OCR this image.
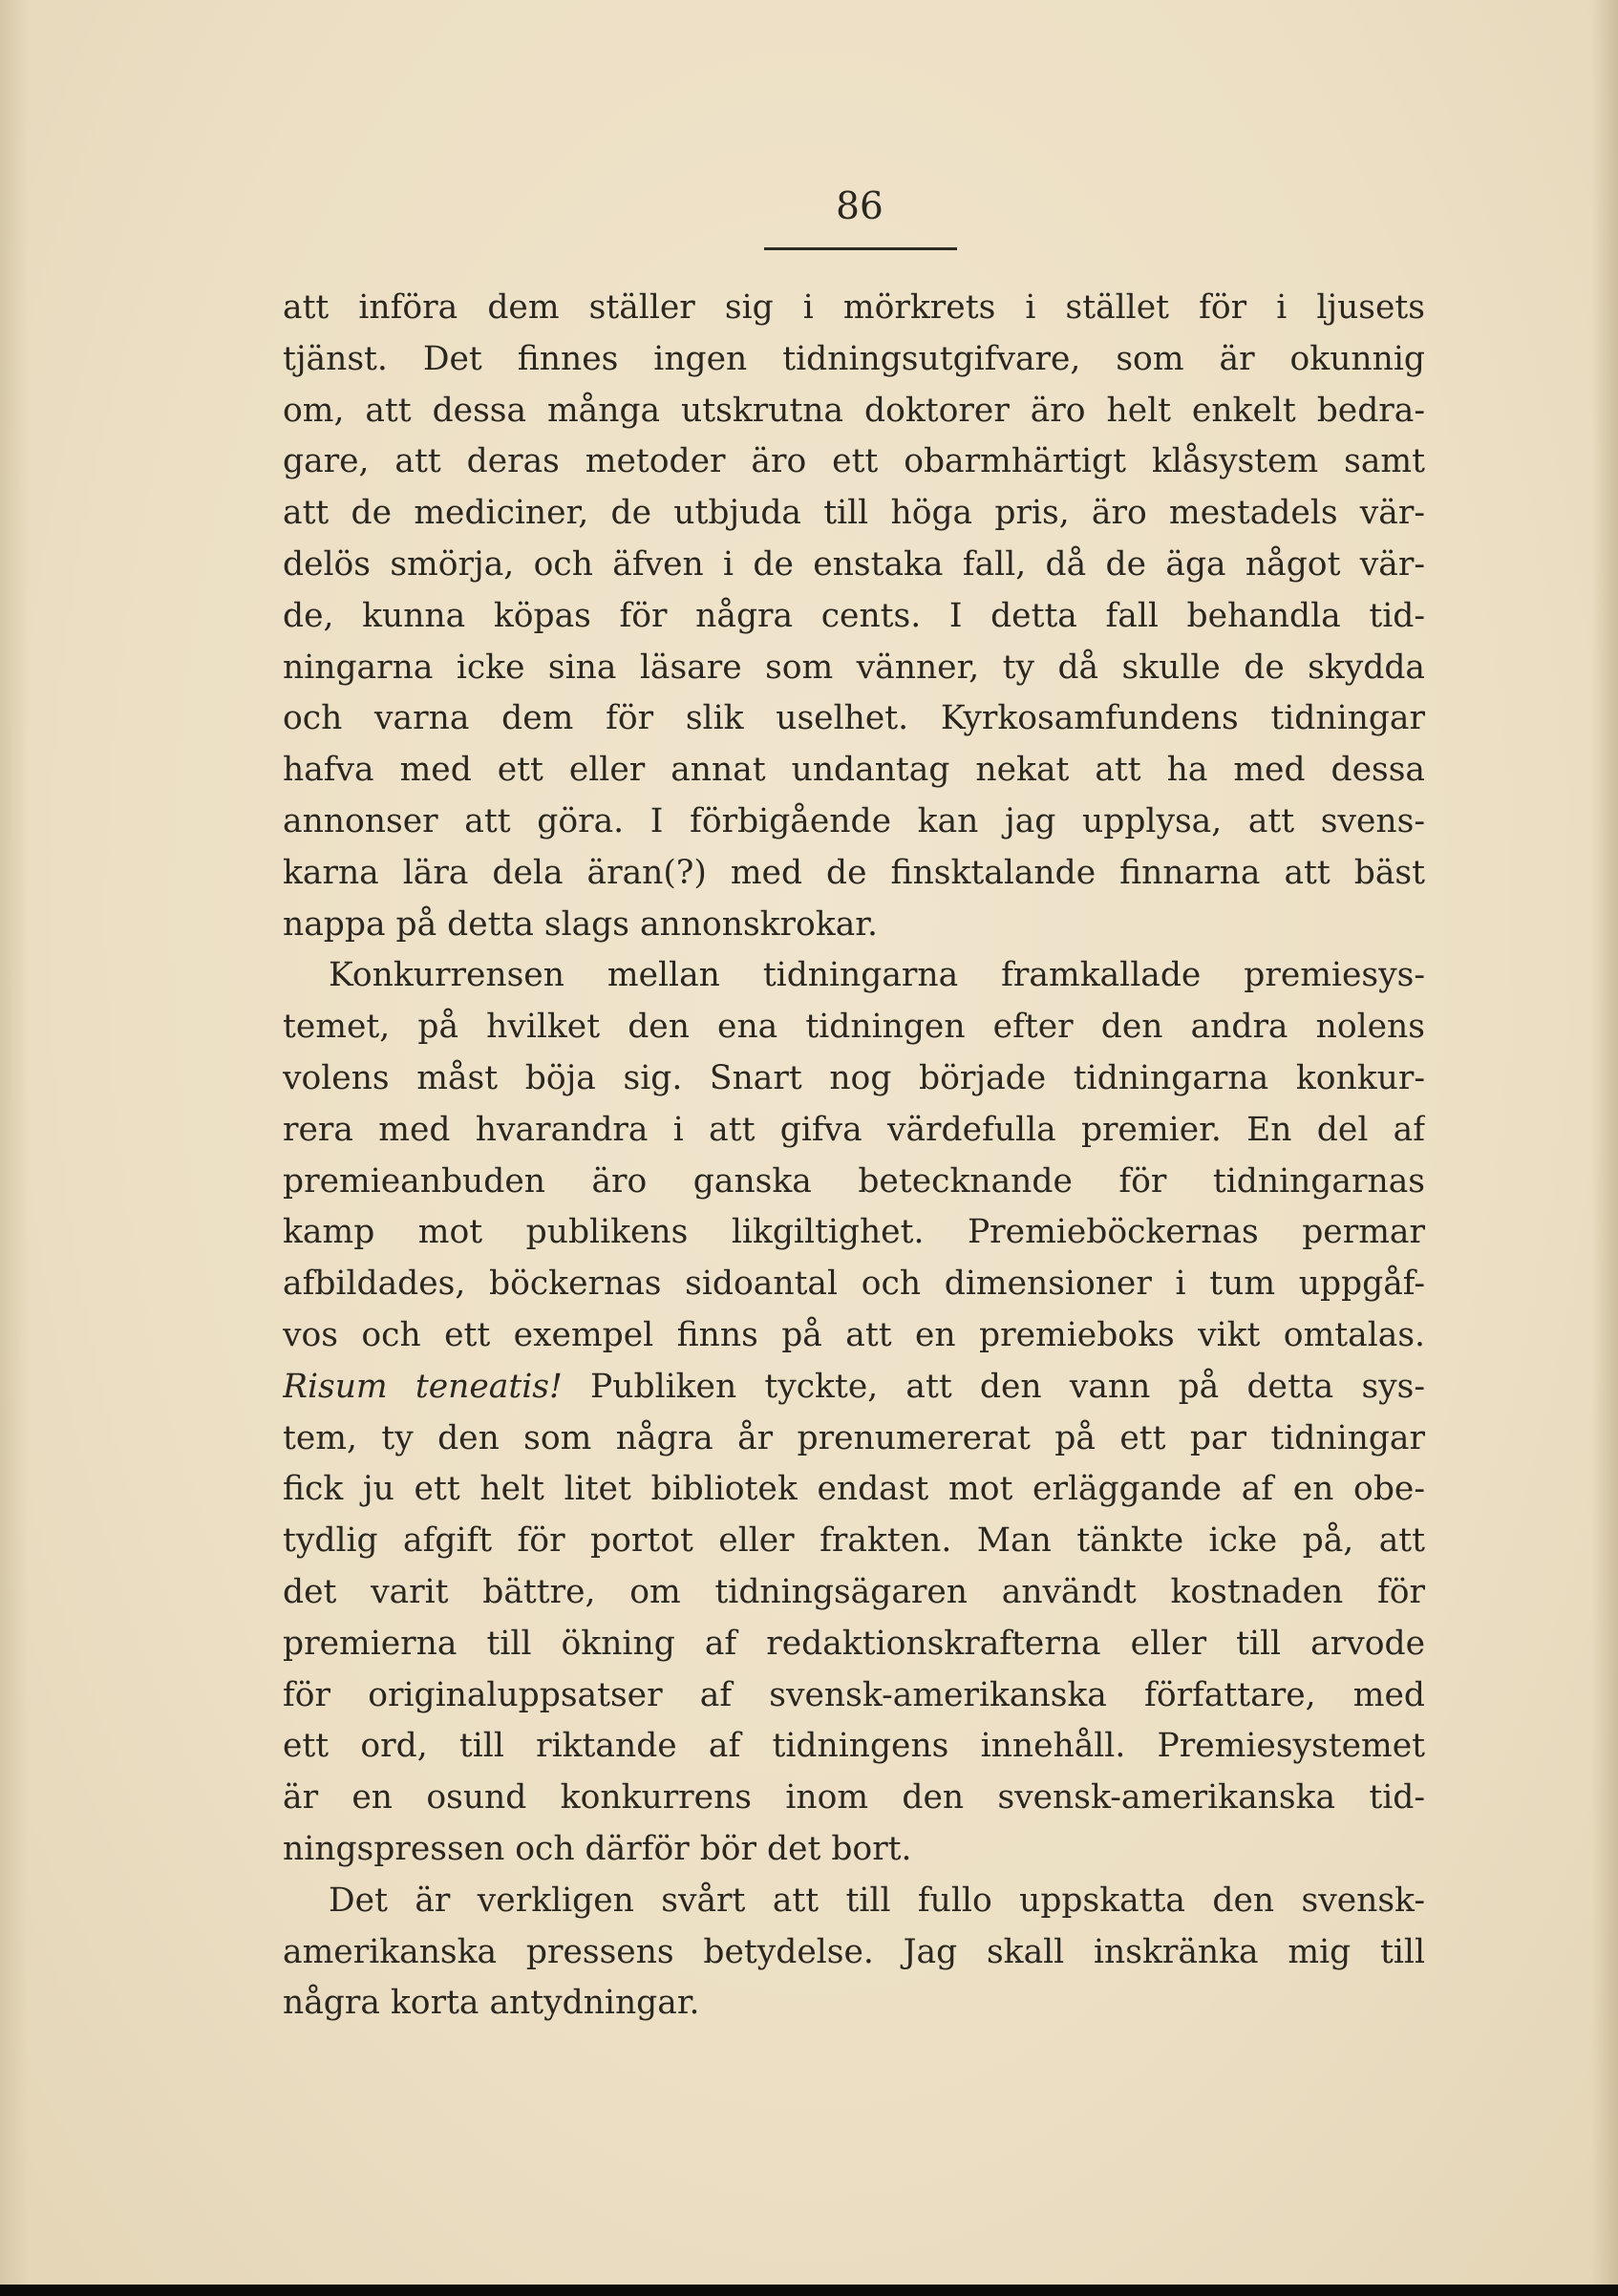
86

att införa dem ställer sig i mörkrets i stället för i ljusets
tjänst. Det finnes ingen tidningsutgifvare, som är okunnig
om, att dessa många utskrutna doktorer äro helt enkelt bedra-
gare, att deras metoder äro ett obarmhärtigt klåsystem samt
att de mediciner, de utbjuda till höga pris, äro mestadels vär-
delös smörja, och äfven i de enstaka fall, då de äga något vär-
de, kunna köpas för några cents. I detta fall behandla tid-
ningarna icke sina läsare som vänner, ty då skulle de skydda
och varna dem för slik uselhet. Kyrkosamfundens tidningar
hafva med ett eller annat undantag nekat att ha med dessa
annonser att göra. I förbigående kan jag upplysa, att svens-
karna lära dela äran(?) med de finsktalande finnarna att bäst
nappa på detta slags annonskrokar.
Konkurrensen mellan tidningarna framkallade premiesys-
temet, på hvilket den ena tidningen efter den andra nolens
volens måst böja sig. Snart nog började tidningarna konkur-
rera med hvarandra i att gifva värdefulla premier. En del af
premieanbuden äro ganska betecknande för tidningarnas
kamp mot publikens likgiltighet. Premieböckernas permar
afbildades, böckernas sidoantal och dimensioner i tum uppgåf-
vos och ett exempel finns på att en premieboks vikt omtalas.
Risum teneatis! Publiken tyckte, att den vann på detta sys-
tem, ty den som några år prenumererat på ett par tidningar
fick ju ett helt litet bibliotek endast mot erläggande af en obe-
tydlig afgift för portot eller frakten. Man tänkte icke på, att
det varit bättre, om tidningsägaren användt kostnaden för
premierna till ökning af redaktionskrafterna eller till arvode
för originaluppsatser af svensk-amerikanska författare, med
ett ord, till riktande af tidningens innehåll. Premiesystemet
är en osund konkurrens inom den svensk-amerikanska tid-
ningspressen och därför bör det bort.
Det är verkligen svårt att till fullo uppskatta den svensk-
amerikanska pressens betydelse. Jag skall inskränka mig till
några korta antydningar.
